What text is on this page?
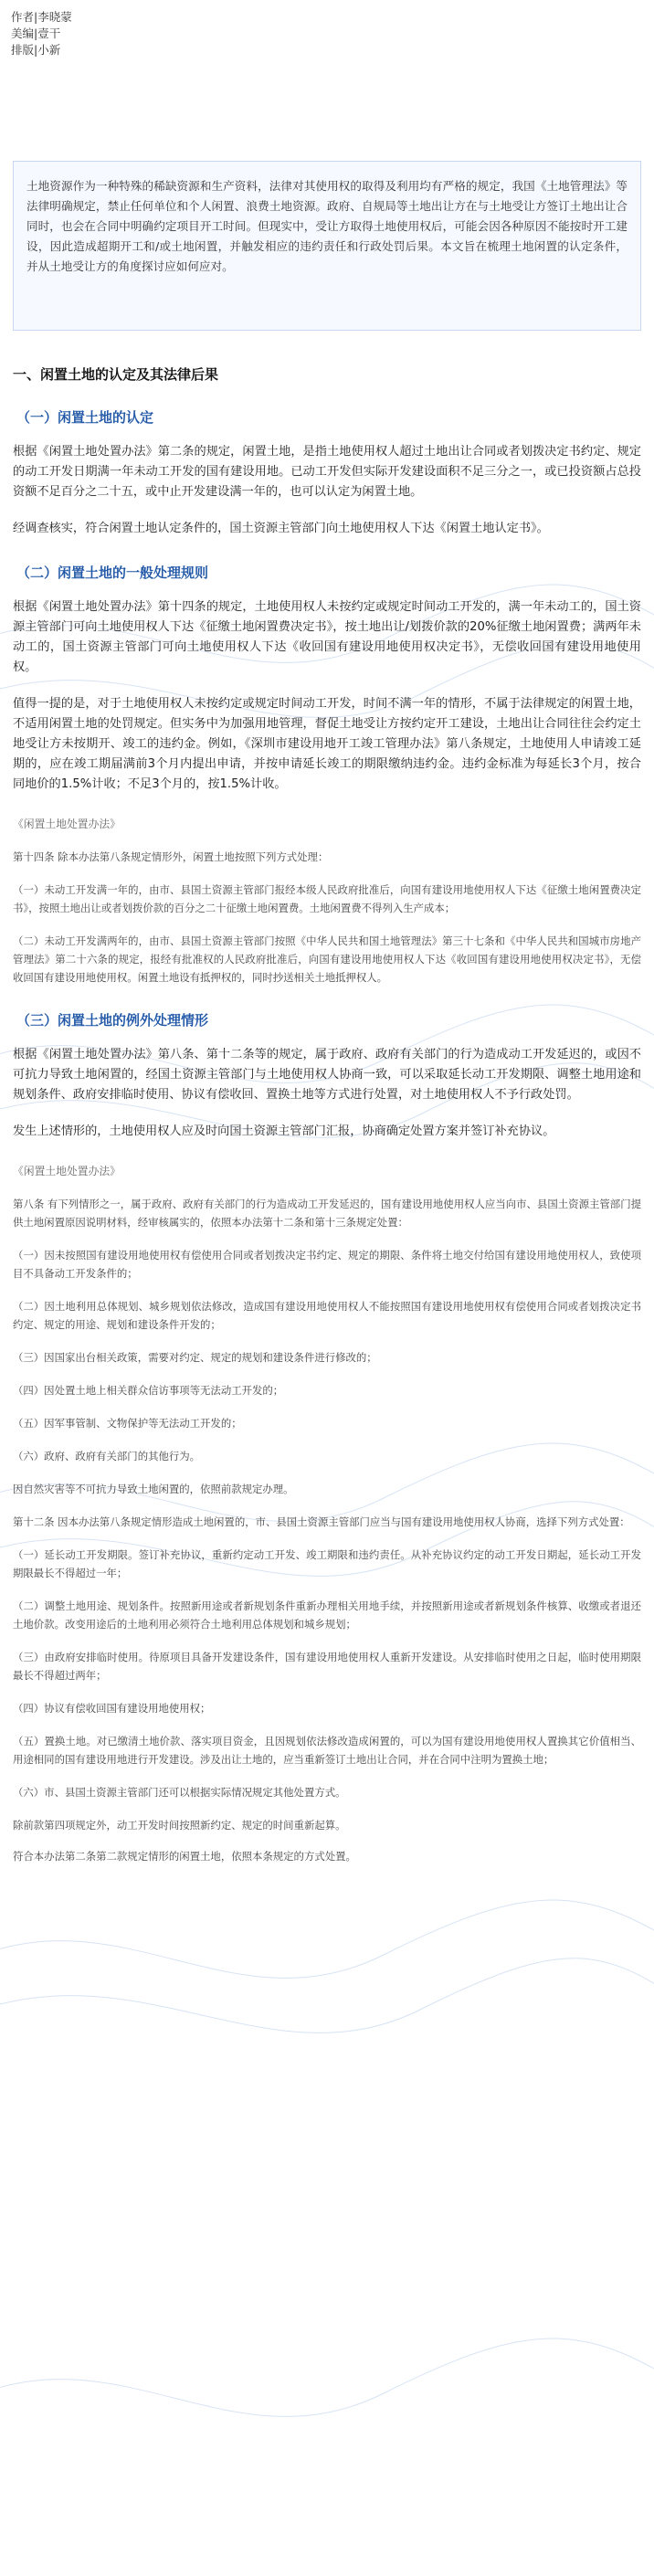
作者|李晓蒙
美编|壹干
排版|小新
土地资源作为一种特殊的稀缺资源和生产资料，法律对其使用权的取得及利用均有严格的规定，我国《土地管理法》等法律明确规定，禁止任何单位和个人闲置、浪费土地资源。政府、自规局等土地出让方在与土地受让方签订土地出让合同时，也会在合同中明确约定项目开工时间。但现实中，受让方取得土地使用权后，可能会因各种原因不能按时开工建设，因此造成超期开工和/或土地闲置，并触发相应的违约责任和行政处罚后果。本文旨在梳理土地闲置的认定条件，并从土地受让方的角度探讨应如何应对。
一、闲置土地的认定及其法律后果
（一）闲置土地的认定

根据《闲置土地处置办法》第二条的规定，闲置土地，是指土地使用权人超过土地出让合同或者划拨决定书约定、规定的动工开发日期满一年未动工开发的国有建设用地。已动工开发但实际开发建设面积不足三分之一，或已投资额占总投资额不足百分之二十五，或中止开发建设满一年的，也可以认定为闲置土地。

经调查核实，符合闲置土地认定条件的，国土资源主管部门向土地使用权人下达《闲置土地认定书》。

（二）闲置土地的一般处理规则

根据《闲置土地处置办法》第十四条的规定，土地使用权人未按约定或规定时间动工开发的，满一年未动工的，国土资源主管部门可向土地使用权人下达《征缴土地闲置费决定书》，按土地出让/划拨价款的20%征缴土地闲置费；满两年未动工的，国土资源主管部门可向土地使用权人下达《收回国有建设用地使用权决定书》，无偿收回国有建设用地使用权。

值得一提的是，对于土地使用权人未按约定或规定时间动工开发，时间不满一年的情形，不属于法律规定的闲置土地，不适用闲置土地的处罚规定。但实务中为加强用地管理，督促土地受让方按约定开工建设，土地出让合同往往会约定土地受让方未按期开、竣工的违约金。例如，《深圳市建设用地开工竣工管理办法》第八条规定，土地使用人申请竣工延期的，应在竣工期届满前3个月内提出申请，并按申请延长竣工的期限缴纳违约金。违约金标准为每延长3个月，按合同地价的1.5%计收；不足3个月的，按1.5%计收。

《闲置土地处置办法》
第十四条 除本办法第八条规定情形外，闲置土地按照下列方式处理：
（一）未动工开发满一年的，由市、县国土资源主管部门报经本级人民政府批准后，向国有建设用地使用权人下达《征缴土地闲置费决定书》，按照土地出让或者划拨价款的百分之二十征缴土地闲置费。土地闲置费不得列入生产成本；
（二）未动工开发满两年的，由市、县国土资源主管部门按照《中华人民共和国土地管理法》第三十七条和《中华人民共和国城市房地产管理法》第二十六条的规定，报经有批准权的人民政府批准后，向国有建设用地使用权人下达《收回国有建设用地使用权决定书》，无偿收回国有建设用地使用权。闲置土地设有抵押权的，同时抄送相关土地抵押权人。
（三）闲置土地的例外处理情形

根据《闲置土地处置办法》第八条、第十二条等的规定，属于政府、政府有关部门的行为造成动工开发延迟的，或因不可抗力导致土地闲置的，经国土资源主管部门与土地使用权人协商一致，可以采取延长动工开发期限、调整土地用途和规划条件、政府安排临时使用、协议有偿收回、置换土地等方式进行处置，对土地使用权人不予行政处罚。

发生上述情形的，土地使用权人应及时向国土资源主管部门汇报，协商确定处置方案并签订补充协议。

《闲置土地处置办法》
第八条 有下列情形之一，属于政府、政府有关部门的行为造成动工开发延迟的，国有建设用地使用权人应当向市、县国土资源主管部门提供土地闲置原因说明材料，经审核属实的，依照本办法第十二条和第十三条规定处置：
（一）因未按照国有建设用地使用权有偿使用合同或者划拨决定书约定、规定的期限、条件将土地交付给国有建设用地使用权人，致使项目不具备动工开发条件的；
（二）因土地利用总体规划、城乡规划依法修改，造成国有建设用地使用权人不能按照国有建设用地使用权有偿使用合同或者划拨决定书约定、规定的用途、规划和建设条件开发的；
（三）因国家出台相关政策，需要对约定、规定的规划和建设条件进行修改的；
（四）因处置土地上相关群众信访事项等无法动工开发的；
（五）因军事管制、文物保护等无法动工开发的；
（六）政府、政府有关部门的其他行为。
因自然灾害等不可抗力导致土地闲置的，依照前款规定办理。
第十二条 因本办法第八条规定情形造成土地闲置的，市、县国土资源主管部门应当与国有建设用地使用权人协商，选择下列方式处置：
（一）延长动工开发期限。签订补充协议，重新约定动工开发、竣工期限和违约责任。从补充协议约定的动工开发日期起，延长动工开发期限最长不得超过一年；
（二）调整土地用途、规划条件。按照新用途或者新规划条件重新办理相关用地手续，并按照新用途或者新规划条件核算、收缴或者退还土地价款。改变用途后的土地利用必须符合土地利用总体规划和城乡规划；
（三）由政府安排临时使用。待原项目具备开发建设条件，国有建设用地使用权人重新开发建设。从安排临时使用之日起，临时使用期限最长不得超过两年；
（四）协议有偿收回国有建设用地使用权；
（五）置换土地。对已缴清土地价款、落实项目资金，且因规划依法修改造成闲置的，可以为国有建设用地使用权人置换其它价值相当、用途相同的国有建设用地进行开发建设。涉及出让土地的，应当重新签订土地出让合同，并在合同中注明为置换土地；
（六）市、县国土资源主管部门还可以根据实际情况规定其他处置方式。
除前款第四项规定外，动工开发时间按照新约定、规定的时间重新起算。
符合本办法第二条第二款规定情形的闲置土地，依照本条规定的方式处置。
